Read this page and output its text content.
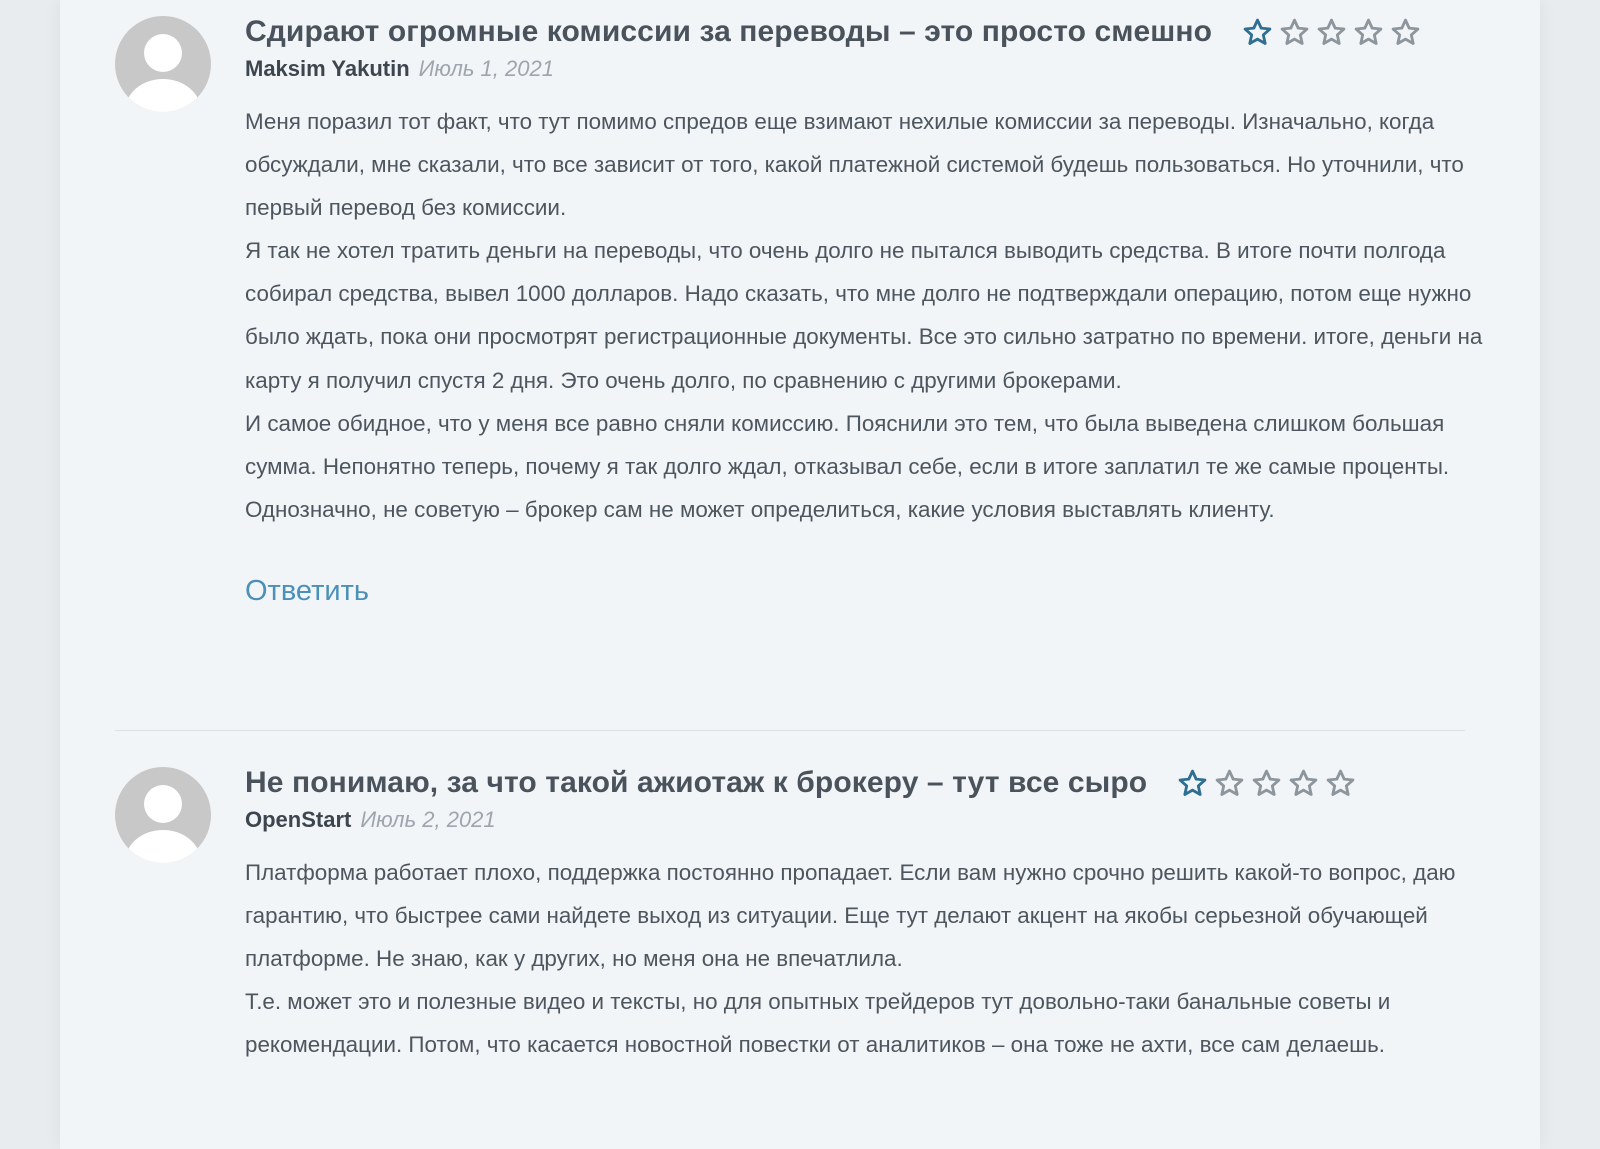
Сдирают огромные комиссии за переводы – это просто смешно
Maksim Yakutin Июль 1, 2021

Меня поразил тот факт, что тут помимо спредов еще взимают нехилые комиссии за переводы. Изначально, когда обсуждали, мне сказали, что все зависит от того, какой платежной системой будешь пользоваться. Но уточнили, что первый перевод без комиссии.

Я так не хотел тратить деньги на переводы, что очень долго не пытался выводить средства. В итоге почти полгода собирал средства, вывел 1000 долларов. Надо сказать, что мне долго не подтверждали операцию, потом еще нужно было ждать, пока они просмотрят регистрационные документы. Все это сильно затратно по времени. итоге, деньги на карту я получил спустя 2 дня. Это очень долго, по сравнению с другими брокерами.

И самое обидное, что у меня все равно сняли комиссию. Пояснили это тем, что была выведена слишком большая сумма. Непонятно теперь, почему я так долго ждал, отказывал себе, если в итоге заплатил те же самые проценты.

Однозначно, не советую – брокер сам не может определиться, какие условия выставлять клиенту.

Ответить
Не понимаю, за что такой ажиотаж к брокеру – тут все сыро
OpenStart Июль 2, 2021

Платформа работает плохо, поддержка постоянно пропадает. Если вам нужно срочно решить какой-то вопрос, даю гарантию, что быстрее сами найдете выход из ситуации. Еще тут делают акцент на якобы серьезной обучающей платформе. Не знаю, как у других, но меня она не впечатлила.

Т.е. может это и полезные видео и тексты, но для опытных трейдеров тут довольно-таки банальные советы и рекомендации. Потом, что касается новостной повестки от аналитиков – она тоже не ахти, все сам делаешь.
